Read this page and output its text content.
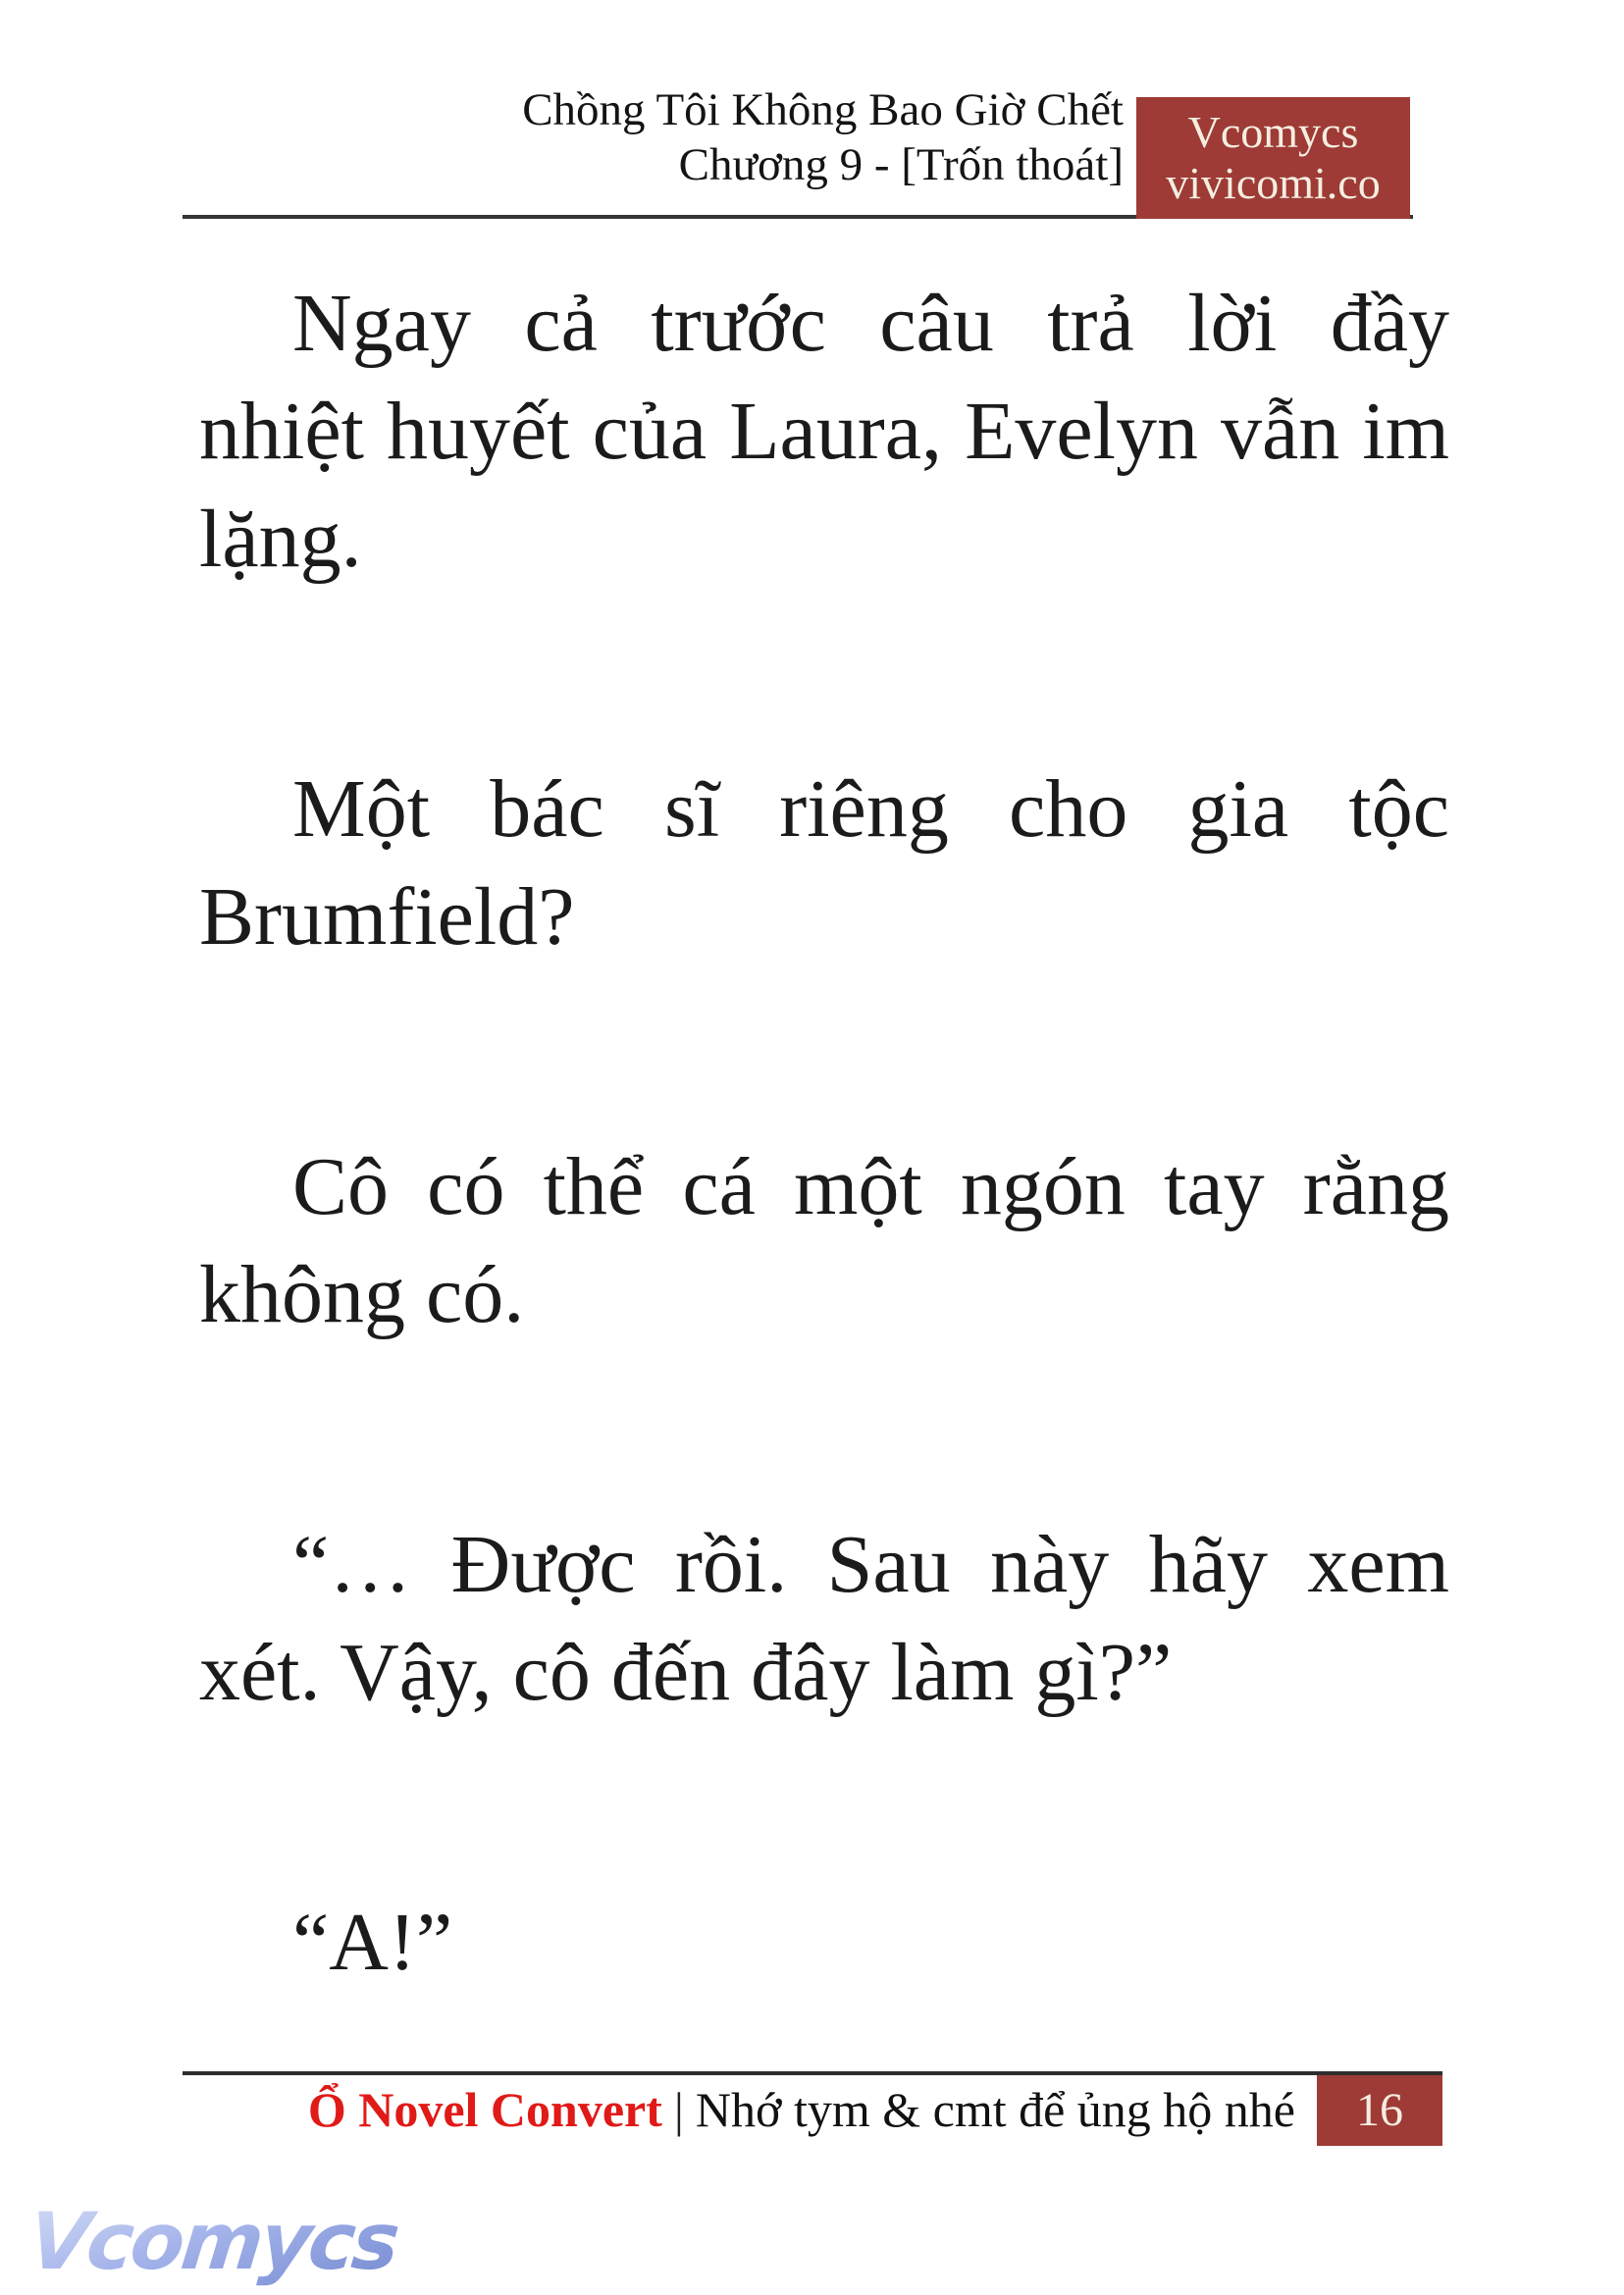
Chồng Tôi Không Bao Giờ Chết
Chương 9 - [Trốn thoát]
Vcomycs
vivicomi.co
Ngay cả trước câu trả lời đầy
nhiệt huyết của Laura, Evelyn vẫn im
lặng.
Một bác sĩ riêng cho gia tộc
Brumfield?
Cô có thể cá một ngón tay rằng
không có.
“… Được rồi. Sau này hãy xem
xét. Vậy, cô đến đây làm gì?”
“A!”
Ổ Novel Convert | Nhớ tym & cmt để ủng hộ nhé	16
Vcomycs
